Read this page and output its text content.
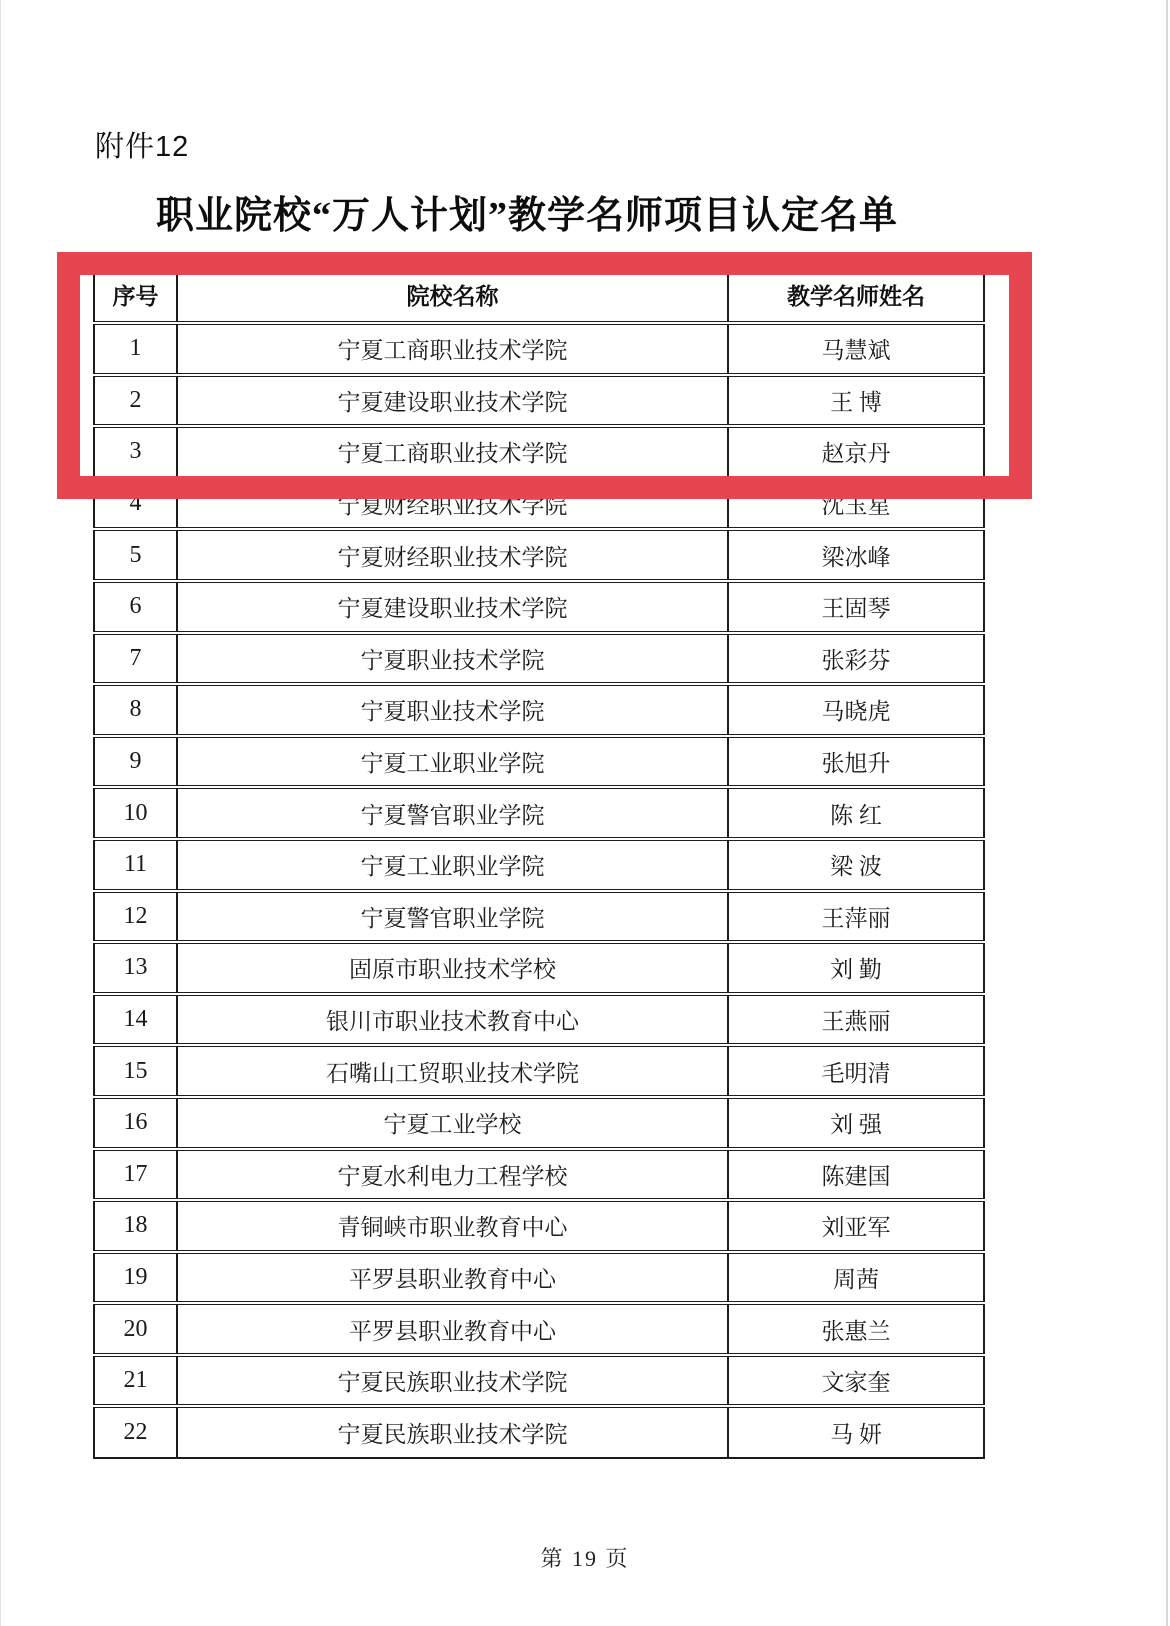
附件12
职业院校“万人计划”教学名师项目认定名单
序号	院校名称	教学名师姓名
1	宁夏工商职业技术学院	马慧斌
2	宁夏建设职业技术学院	王 博
3	宁夏工商职业技术学院	赵京丹
4	宁夏财经职业技术学院	沈玉星
5	宁夏财经职业技术学院	梁冰峰
6	宁夏建设职业技术学院	王固琴
7	宁夏职业技术学院	张彩芬
8	宁夏职业技术学院	马晓虎
9	宁夏工业职业学院	张旭升
10	宁夏警官职业学院	陈 红
11	宁夏工业职业学院	梁 波
12	宁夏警官职业学院	王萍丽
13	固原市职业技术学校	刘 勤
14	银川市职业技术教育中心	王燕丽
15	石嘴山工贸职业技术学院	毛明清
16	宁夏工业学校	刘 强
17	宁夏水利电力工程学校	陈建国
18	青铜峡市职业教育中心	刘亚军
19	平罗县职业教育中心	周茜
20	平罗县职业教育中心	张惠兰
21	宁夏民族职业技术学院	文家奎
22	宁夏民族职业技术学院	马 妍
第 19 页
